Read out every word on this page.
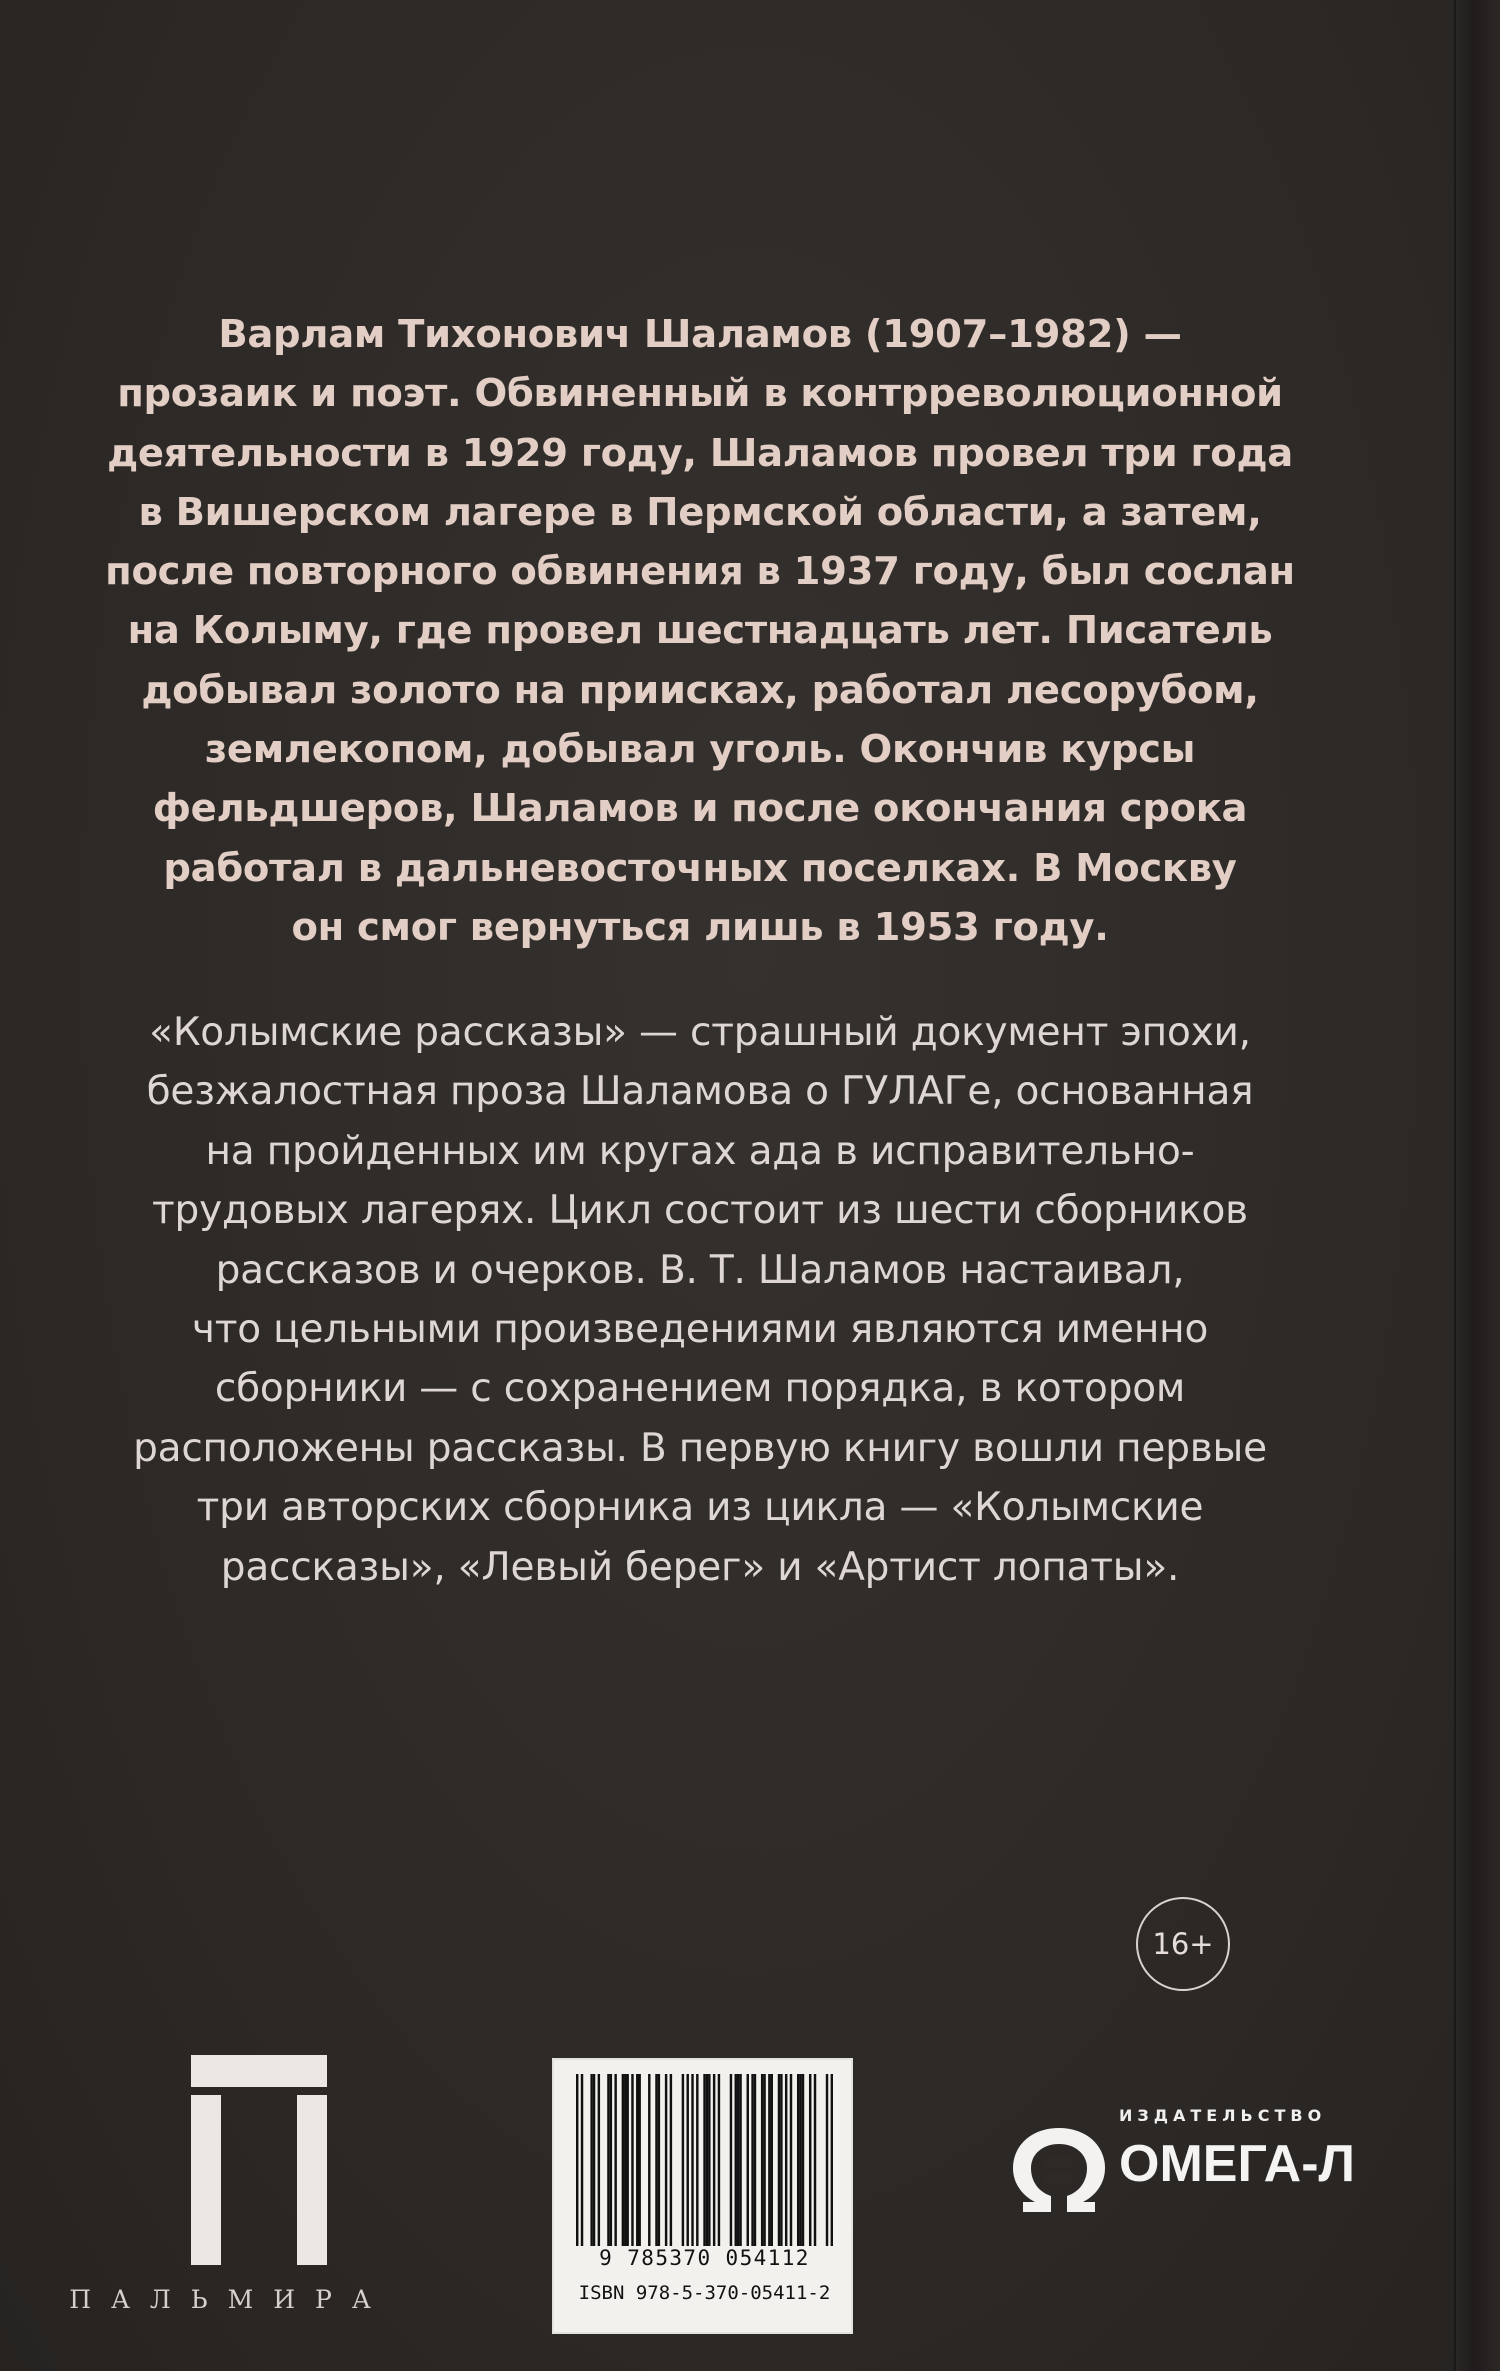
Варлам Тихонович Шаламов (1907–1982) —
прозаик и поэт. Обвиненный в контрреволюционной
деятельности в 1929 году, Шаламов провел три года
в Вишерском лагере в Пермской области, а затем,
после повторного обвинения в 1937 году, был сослан
на Колыму, где провел шестнадцать лет. Писатель
добывал золото на приисках, работал лесорубом,
землекопом, добывал уголь. Окончив курсы
фельдшеров, Шаламов и после окончания срока
работал в дальневосточных поселках. В Москву
он смог вернуться лишь в 1953 году.

«Колымские рассказы» — страшный документ эпохи,
безжалостная проза Шаламова о ГУЛАГе, основанная
на пройденных им кругах ада в исправительно-
трудовых лагерях. Цикл состоит из шести сборников
рассказов и очерков. В. Т. Шаламов настаивал,
что цельными произведениями являются именно
сборники — с сохранением порядка, в котором
расположены рассказы. В первую книгу вошли первые
три авторских сборника из цикла — «Колымские
рассказы», «Левый берег» и «Артист лопаты».

16+
ПАЛЬМИРА
9 785370 054112
ISBN 978-5-370-05411-2
ИЗДАТЕЛЬСТВО
ОМЕГА-Л
